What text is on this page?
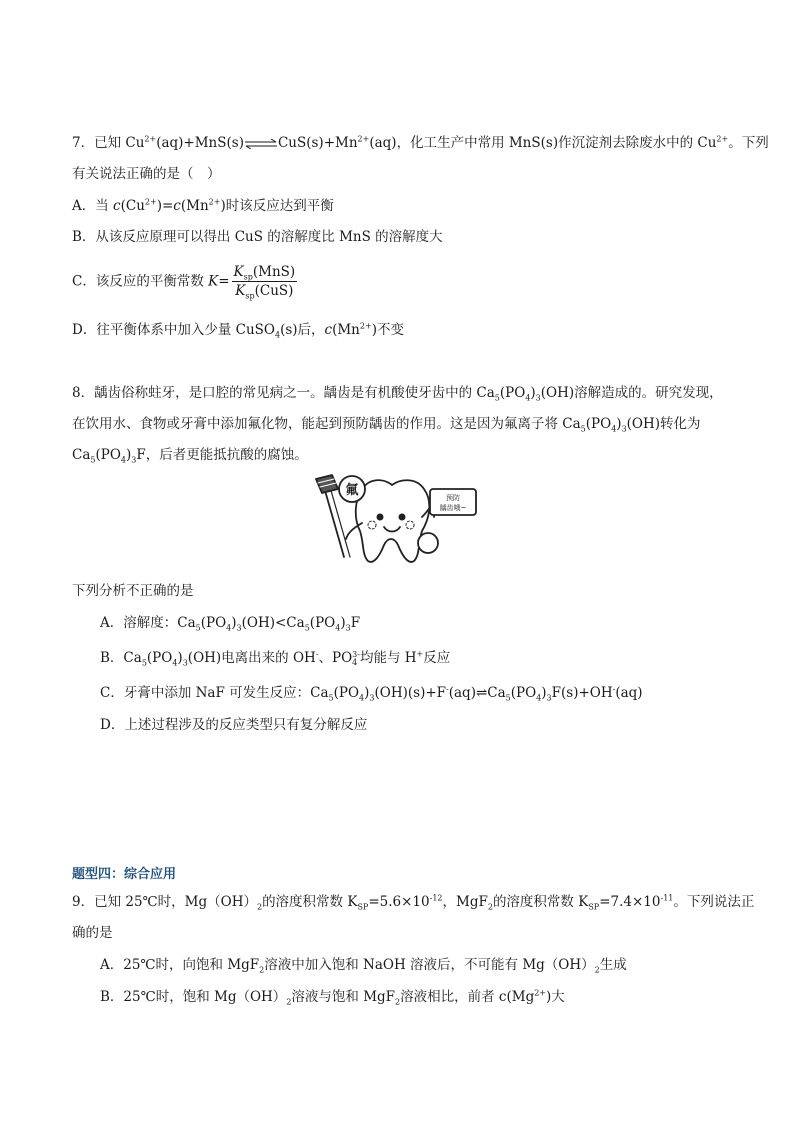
7．已知 $Cu^{2+}(aq)+MnS(s)\rightleftharpoons CuS(s)+Mn^{2+}(aq)$，化工生产中常用 MnS(s)作沉淀剂去除废水中的 $Cu^{2+}$。下列
有关说法正确的是（　）
A．当 $c(Cu^{2+})=c(Mn^{2+})$时该反应达到平衡
B．从该反应原理可以得出 CuS 的溶解度比 MnS 的溶解度大
C．该反应的平衡常数 $K= \frac{K_{sp}(MnS)}{K_{sp}(CuS)}$
D．往平衡体系中加入少量 CuSO$_4$(s)后，$c(Mn^{2+})$不变
8．龋齿俗称蛀牙，是口腔的常见病之一。龋齿是有机酸使牙齿中的 $Ca_5(PO_4)_3(OH)$溶解造成的。研究发现，
在饮用水、食物或牙膏中添加氟化物，能起到预防龋齿的作用。这是因为氟离子将 $Ca_5(PO_4)_3(OH)$转化为
$Ca_5(PO_4)_3F$，后者更能抵抗酸的腐蚀。
氟	预防
龋齿哦~
下列分析不正确的是
A．溶解度：$Ca_5(PO_4)_3(OH)<Ca_5(PO_4)_3F$
B．$Ca_5(PO_4)_3(OH)$电离出来的 OH-、PO 3-
4 均能与 H+反应
C．牙膏中添加 NaF 可发生反应：$Ca_5(PO_4)_3(OH)(s)+F^-(aq)\rightleftharpoons Ca_5(PO_4)_3F(s)+OH^-(aq)$
D．上述过程涉及的反应类型只有复分解反应
题型四：综合应用
9．已知 25℃时，$Mg(OH)_2$的溶度积常数 $K_{SP}=5.6\times 10^{-12}$，MgF$_2$的溶度积常数 $K_{SP}=7.4\times 10^{-11}$。下列说法正
确的是
A．25℃时，向饱和 MgF$_2$溶液中加入饱和 NaOH 溶液后，不可能有 $Mg(OH)_2$生成
B．25℃时，饱和 $Mg(OH)_2$溶液与饱和 MgF$_2$溶液相比，前者 $c(Mg^{2+})$大
